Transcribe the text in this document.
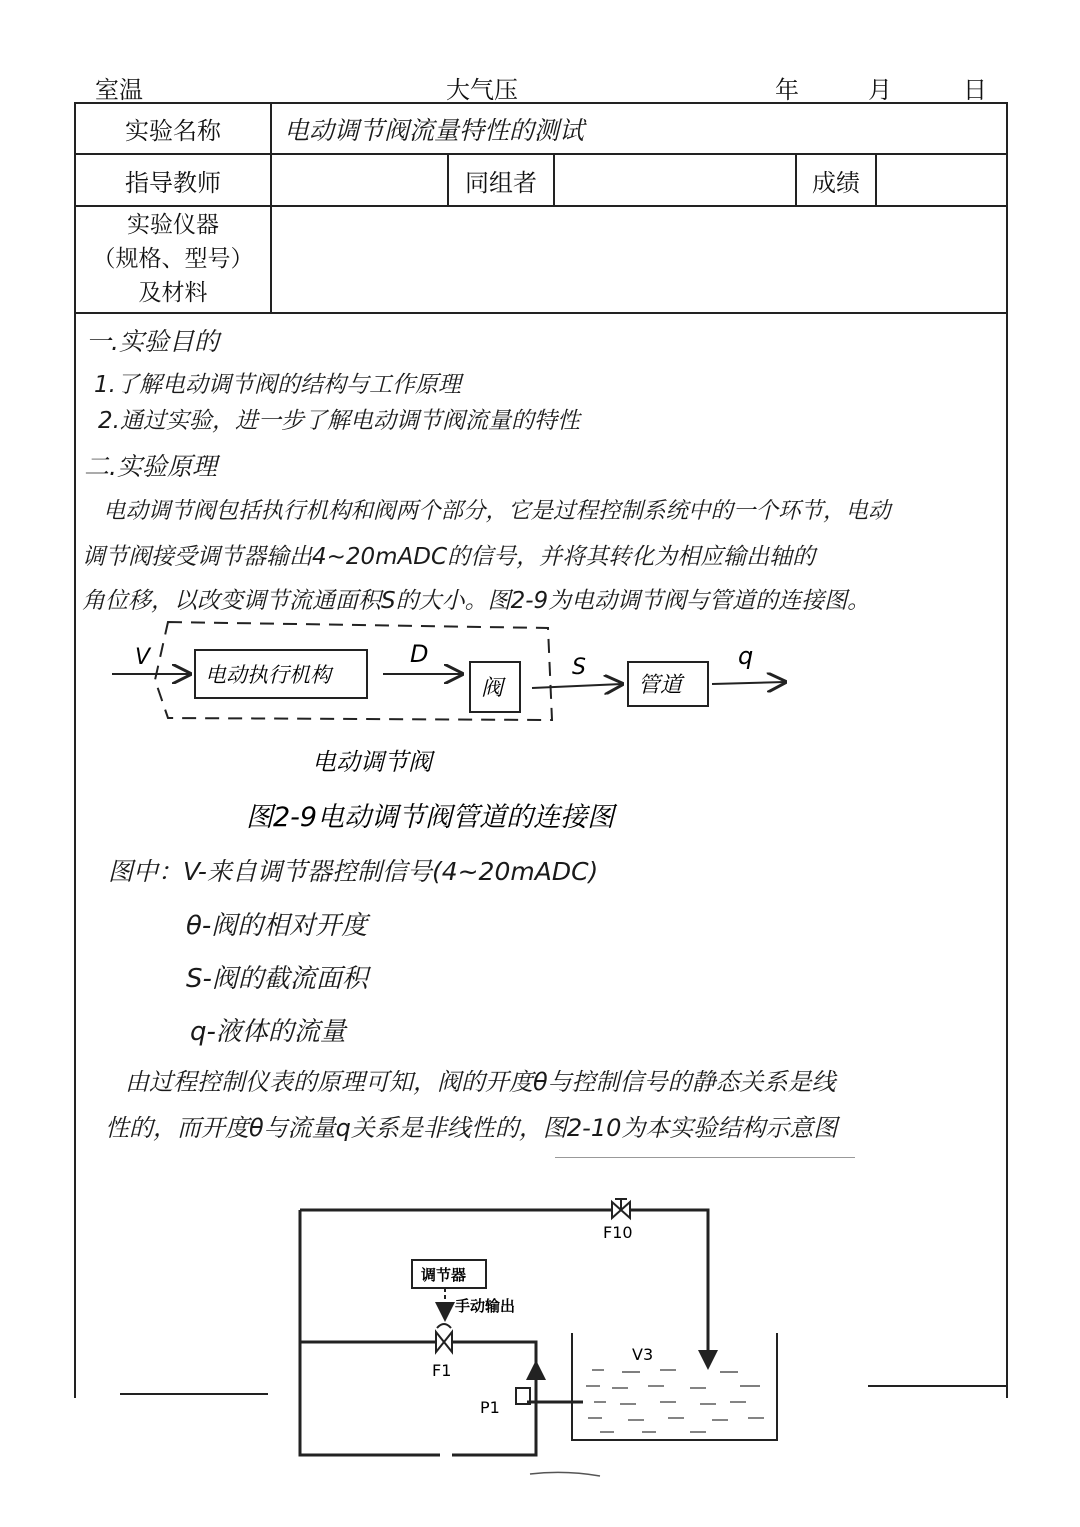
室温	大气压	年	月	日
实验名称	电动调节阀流量特性的测试
指导教师	同组者	成绩
实验仪器
（规格、型号）
及材料
一.实验目的
1.了解电动调节阀的结构与工作原理
2.通过实验，进一步了解电动调节阀流量的特性
二.实验原理
电动调节阀包括执行机构和阀两个部分，它是过程控制系统中的一个环节，电动
调节阀接受调节器输出4~20mADC的信号，并将其转化为相应输出轴的
角位移，以改变调节流通面积S的大小。图2-9为电动调节阀与管道的连接图。
V
电动执行机构
D
阀
S
管道
q
电动调节阀
图2-9电动调节阀管道的连接图
图中：V-来自调节器控制信号(4~20mADC)
θ-阀的相对开度
S-阀的截流面积
q-液体的流量
由过程控制仪表的原理可知，阀的开度θ与控制信号的静态关系是线
性的，而开度θ与流量q关系是非线性的，图2-10为本实验结构示意图
F10
调节器
手动输出
F1
P1
V3
